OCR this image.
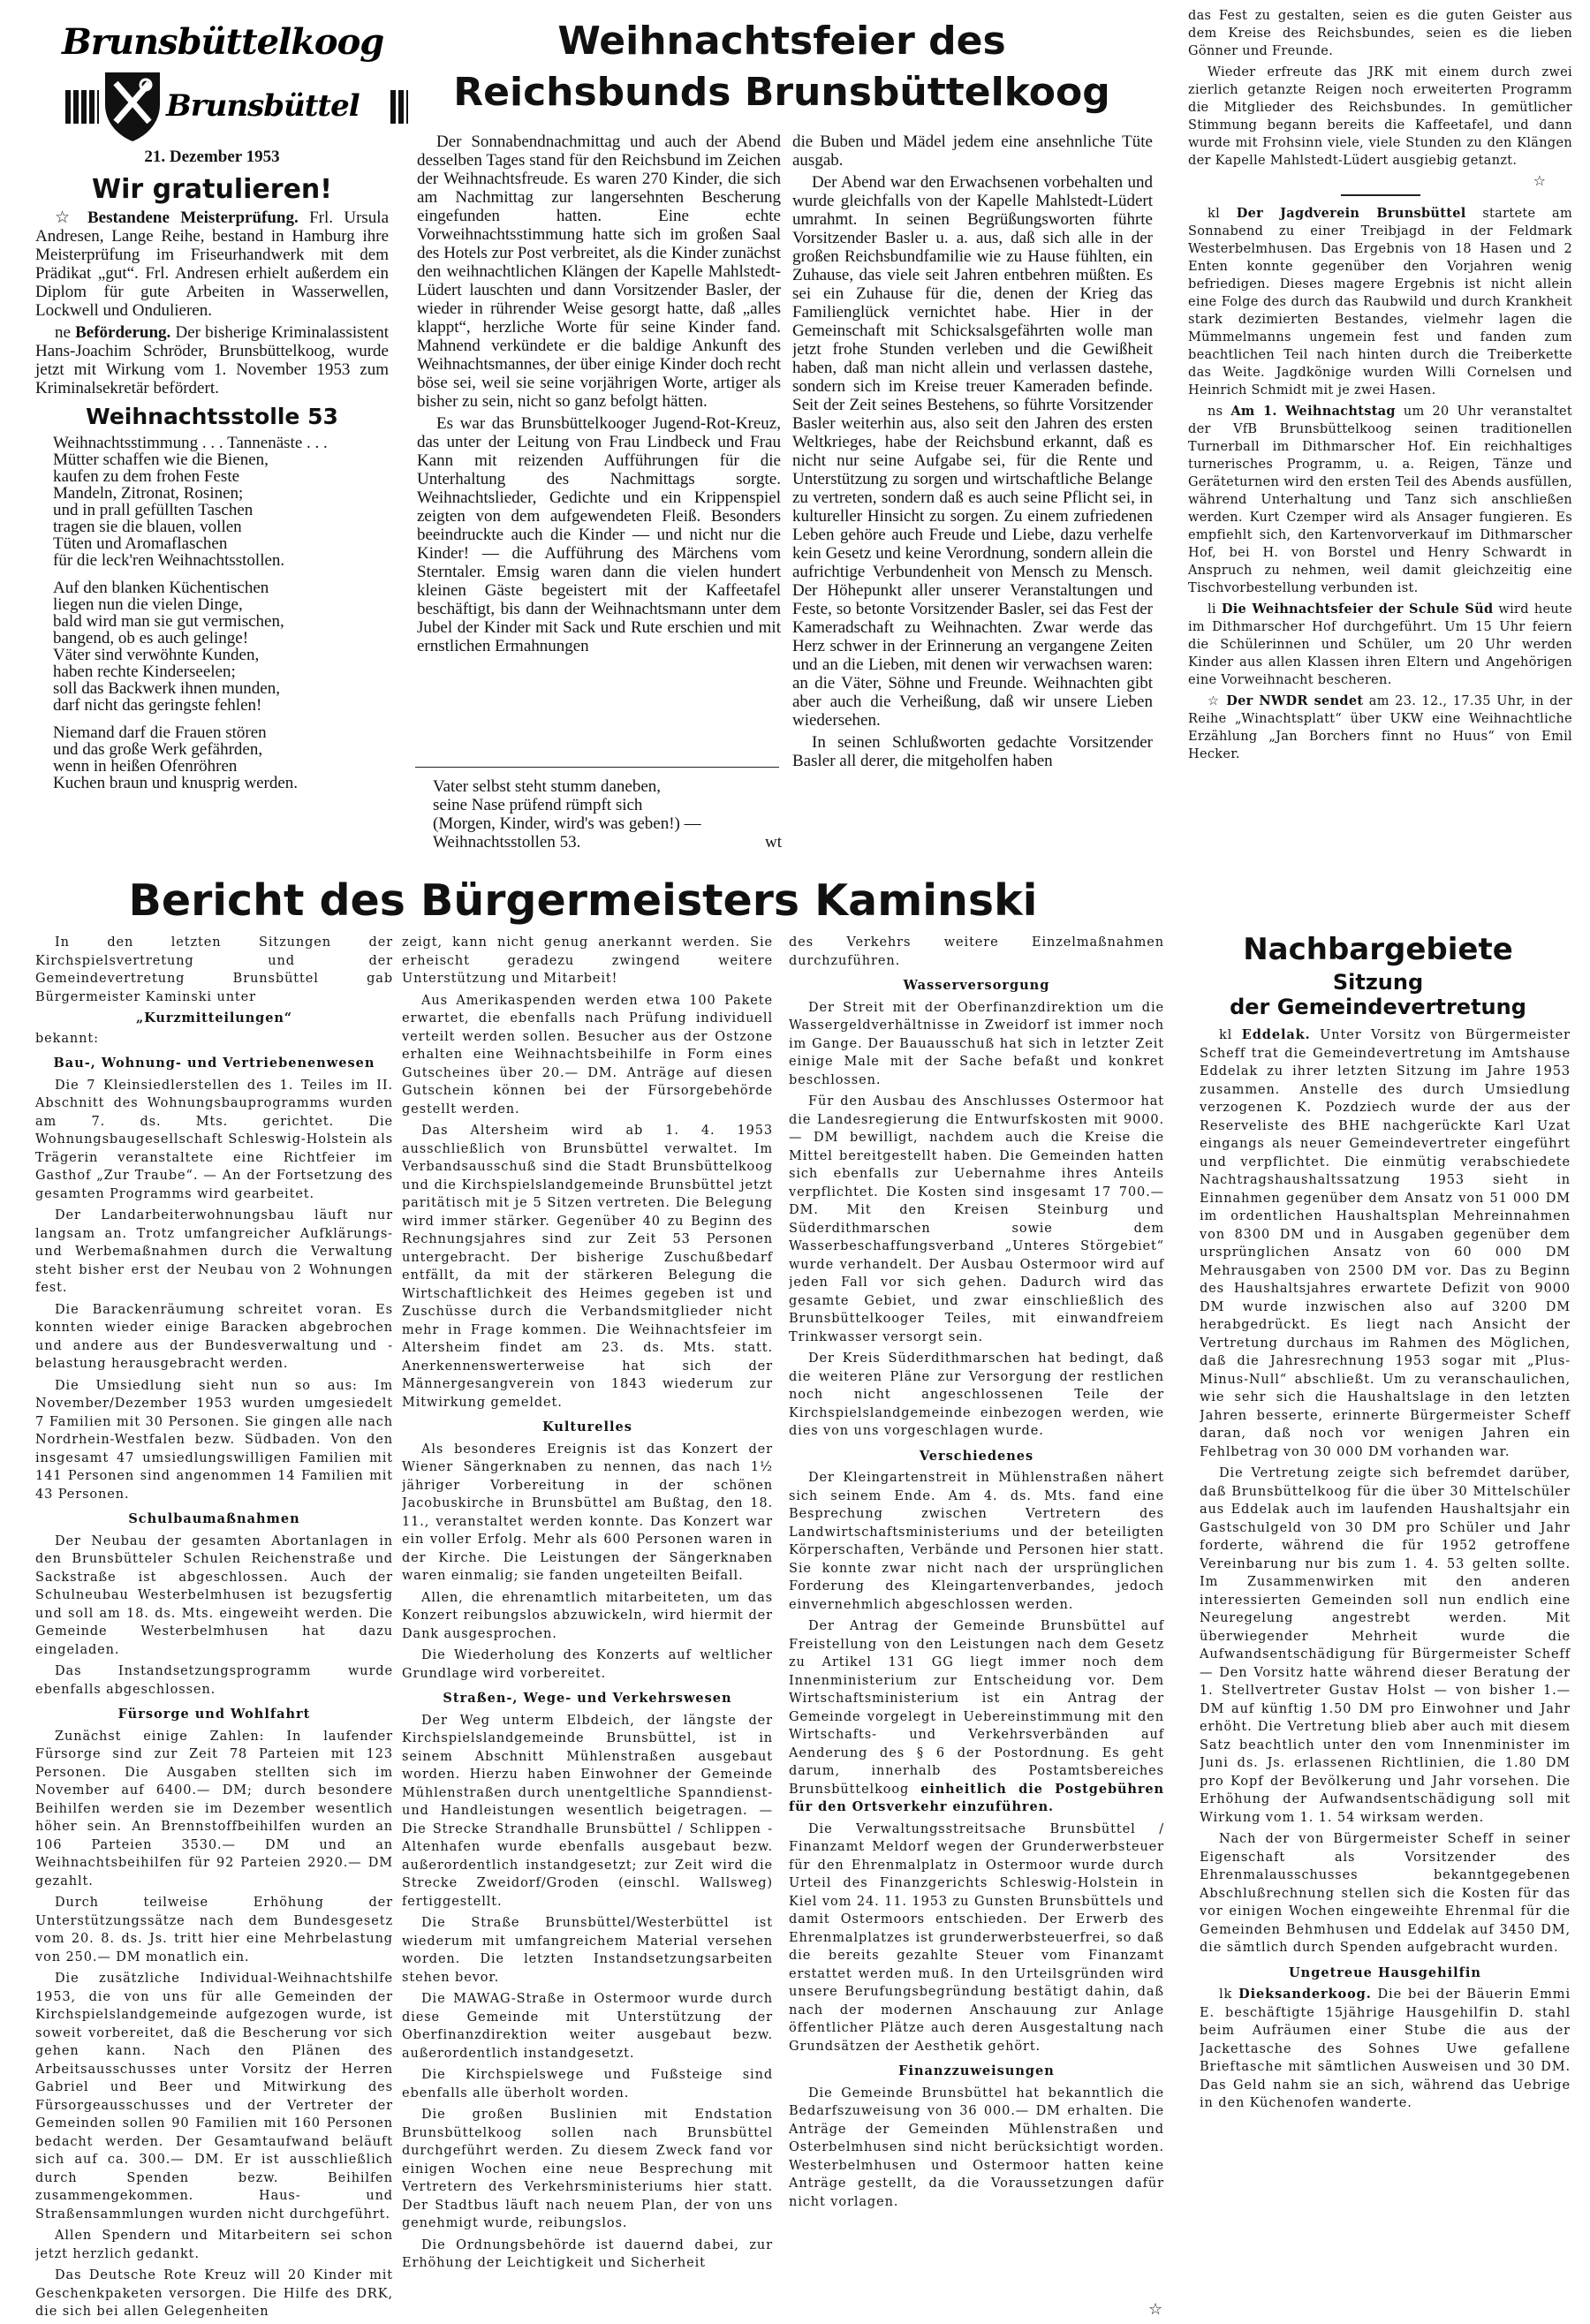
Brunsbüttelkoog
Brunsbüttel
21. Dezember 1953
Wir gratulieren!

☆ Bestandene Meisterprüfung. Frl. Ursula Andresen, Lange Reihe, bestand in Hamburg ihre Meisterprüfung im Friseurhandwerk mit dem Prädikat „gut“. Frl. Andresen erhielt außerdem ein Diplom für gute Arbeiten in Wasserwellen, Lockwell und Ondulieren.

ne Beförderung. Der bisherige Kriminalassistent Hans-Joachim Schröder, Brunsbüttelkoog, wurde jetzt mit Wirkung vom 1. November 1953 zum Kriminalsekretär befördert.

Weihnachtsstolle 53
Weihnachtsstimmung . . . Tannenäste . . .
Mütter schaffen wie die Bienen,
kaufen zu dem frohen Feste
Mandeln, Zitronat, Rosinen;
und in prall gefüllten Taschen
tragen sie die blauen, vollen
Tüten und Aromaflaschen
für die leck'ren Weihnachtsstollen.
Auf den blanken Küchentischen
liegen nun die vielen Dinge,
bald wird man sie gut vermischen,
bangend, ob es auch gelinge!
Väter sind verwöhnte Kunden,
haben rechte Kinderseelen;
soll das Backwerk ihnen munden,
darf nicht das geringste fehlen!
Niemand darf die Frauen stören
und das große Werk gefährden,
wenn in heißen Ofenröhren
Kuchen braun und knusprig werden.
Weihnachtsfeier des
Reichsbunds Brunsbüttelkoog

Der Sonnabendnachmittag und auch der Abend desselben Tages stand für den Reichsbund im Zeichen der Weihnachtsfreude. Es waren 270 Kinder, die sich am Nachmittag zur langersehnten Bescherung eingefunden hatten. Eine echte Vorweihnachtsstimmung hatte sich im großen Saal des Hotels zur Post verbreitet, als die Kinder zunächst den weihnachtlichen Klängen der Kapelle Mahlstedt-Lüdert lauschten und dann Vorsitzender Basler, der wieder in rührender Weise gesorgt hatte, daß „alles klappt“, herzliche Worte für seine Kinder fand. Mahnend verkündete er die baldige Ankunft des Weihnachtsmannes, der über einige Kinder doch recht böse sei, weil sie seine vorjährigen Worte, artiger als bisher zu sein, nicht so ganz befolgt hätten.

Es war das Brunsbüttelkooger Jugend-Rot-Kreuz, das unter der Leitung von Frau Lindbeck und Frau Kann mit reizenden Aufführungen für die Unterhaltung des Nachmittags sorgte. Weihnachtslieder, Gedichte und ein Krippenspiel zeigten von dem aufgewendeten Fleiß. Besonders beeindruckte auch die Kinder — und nicht nur die Kinder! — die Aufführung des Märchens vom Sterntaler. Emsig waren dann die vielen hundert kleinen Gäste begeistert mit der Kaffeetafel beschäftigt, bis dann der Weihnachtsmann unter dem Jubel der Kinder mit Sack und Rute erschien und mit ernstlichen Ermahnungen

Vater selbst steht stumm daneben,
seine Nase prüfend rümpft sich
(Morgen, Kinder, wird's was geben!) —
Weihnachtsstollen 53.	wt

die Buben und Mädel jedem eine ansehnliche Tüte ausgab.

Der Abend war den Erwachsenen vorbehalten und wurde gleichfalls von der Kapelle Mahlstedt-Lüdert umrahmt. In seinen Begrüßungsworten führte Vorsitzender Basler u. a. aus, daß sich alle in der großen Reichsbundfamilie wie zu Hause fühlten, ein Zuhause, das viele seit Jahren entbehren müßten. Es sei ein Zuhause für die, denen der Krieg das Familienglück vernichtet habe. Hier in der Gemeinschaft mit Schicksalsgefährten wolle man jetzt frohe Stunden verleben und die Gewißheit haben, daß man nicht allein und verlassen dastehe, sondern sich im Kreise treuer Kameraden befinde. Seit der Zeit seines Bestehens, so führte Vorsitzender Basler weiterhin aus, also seit den Jahren des ersten Weltkrieges, habe der Reichsbund erkannt, daß es nicht nur seine Aufgabe sei, für die Rente und Unterstützung zu sorgen und wirtschaftliche Belange zu vertreten, sondern daß es auch seine Pflicht sei, in kultureller Hinsicht zu sorgen. Zu einem zufriedenen Leben gehöre auch Freude und Liebe, dazu verhelfe kein Gesetz und keine Verordnung, sondern allein die aufrichtige Verbundenheit von Mensch zu Mensch. Der Höhepunkt aller unserer Veranstaltungen und Feste, so betonte Vorsitzender Basler, sei das Fest der Kameradschaft zu Weihnachten. Zwar werde das Herz schwer in der Erinnerung an vergangene Zeiten und an die Lieben, mit denen wir verwachsen waren: an die Väter, Söhne und Freunde. Weihnachten gibt aber auch die Verheißung, daß wir unsere Lieben wiedersehen.

In seinen Schlußworten gedachte Vorsitzender Basler all derer, die mitgeholfen haben

das Fest zu gestalten, seien es die guten Geister aus dem Kreise des Reichsbundes, seien es die lieben Gönner und Freunde.

Wieder erfreute das JRK mit einem durch zwei zierlich getanzte Reigen noch erweiterten Programm die Mitglieder des Reichsbundes. In gemütlicher Stimmung begann bereits die Kaffeetafel, und dann wurde mit Frohsinn viele, viele Stunden zu den Klängen der Kapelle Mahlstedt-Lüdert ausgiebig getanzt.

☆

kl Der Jagdverein Brunsbüttel startete am Sonnabend zu einer Treibjagd in der Feldmark Westerbelmhusen. Das Ergebnis von 18 Hasen und 2 Enten konnte gegenüber den Vorjahren wenig befriedigen. Dieses magere Ergebnis ist nicht allein eine Folge des durch das Raubwild und durch Krankheit stark dezimierten Bestandes, vielmehr lagen die Mümmelmanns ungemein fest und fanden zum beachtlichen Teil nach hinten durch die Treiberkette das Weite. Jagdkönige wurden Willi Cornelsen und Heinrich Schmidt mit je zwei Hasen.

ns Am 1. Weihnachtstag um 20 Uhr veranstaltet der VfB Brunsbüttelkoog seinen traditionellen Turnerball im Dithmarscher Hof. Ein reichhaltiges turnerisches Programm, u. a. Reigen, Tänze und Geräteturnen wird den ersten Teil des Abends ausfüllen, während Unterhaltung und Tanz sich anschließen werden. Kurt Czemper wird als Ansager fungieren. Es empfiehlt sich, den Kartenvorverkauf im Dithmarscher Hof, bei H. von Borstel und Henry Schwardt in Anspruch zu nehmen, weil damit gleichzeitig eine Tischvorbestellung verbunden ist.

li Die Weihnachtsfeier der Schule Süd wird heute im Dithmarscher Hof durchgeführt. Um 15 Uhr feiern die Schülerinnen und Schüler, um 20 Uhr werden Kinder aus allen Klassen ihren Eltern und Angehörigen eine Vorweihnacht bescheren.

☆ Der NWDR sendet am 23. 12., 17.35 Uhr, in der Reihe „Winachtsplatt“ über UKW eine Weihnachtliche Erzählung „Jan Borchers finnt no Huus“ von Emil Hecker.

Bericht des Bürgermeisters Kaminski

In den letzten Sitzungen der Kirchspielsvertretung und der Gemeindevertretung Brunsbüttel gab Bürgermeister Kaminski unter

„Kurzmitteilungen“

bekannt:

Bau-, Wohnung- und Vertriebenenwesen

Die 7 Kleinsiedlerstellen des 1. Teiles im II. Abschnitt des Wohnungsbauprogramms wurden am 7. ds. Mts. gerichtet. Die Wohnungsbaugesellschaft Schleswig-Holstein als Trägerin veranstaltete eine Richtfeier im Gasthof „Zur Traube“. — An der Fortsetzung des gesamten Programms wird gearbeitet.

Der Landarbeiterwohnungsbau läuft nur langsam an. Trotz umfangreicher Aufklärungs- und Werbemaßnahmen durch die Verwaltung steht bisher erst der Neubau von 2 Wohnungen fest.

Die Barackenräumung schreitet voran. Es konnten wieder einige Baracken abgebrochen und andere aus der Bundesverwaltung und -belastung herausgebracht werden.

Die Umsiedlung sieht nun so aus: Im November/Dezember 1953 wurden umgesiedelt 7 Familien mit 30 Personen. Sie gingen alle nach Nordrhein-Westfalen bezw. Südbaden. Von den insgesamt 47 umsiedlungswilligen Familien mit 141 Personen sind angenommen 14 Familien mit 43 Personen.

Schulbaumaßnahmen

Der Neubau der gesamten Abortanlagen in den Brunsbütteler Schulen Reichenstraße und Sackstraße ist abgeschlossen. Auch der Schulneubau Westerbelmhusen ist bezugsfertig und soll am 18. ds. Mts. eingeweiht werden. Die Gemeinde Westerbelmhusen hat dazu eingeladen.

Das Instandsetzungsprogramm wurde ebenfalls abgeschlossen.

Fürsorge und Wohlfahrt

Zunächst einige Zahlen: In laufender Fürsorge sind zur Zeit 78 Parteien mit 123 Personen. Die Ausgaben stellten sich im November auf 6400.— DM; durch besondere Beihilfen werden sie im Dezember wesentlich höher sein. An Brennstoffbeihilfen wurden an 106 Parteien 3530.— DM und an Weihnachtsbeihilfen für 92 Parteien 2920.— DM gezahlt.

Durch teilweise Erhöhung der Unterstützungssätze nach dem Bundesgesetz vom 20. 8. ds. Js. tritt hier eine Mehrbelastung von 250.— DM monatlich ein.

Die zusätzliche Individual-Weihnachtshilfe 1953, die von uns für alle Gemeinden der Kirchspielslandgemeinde aufgezogen wurde, ist soweit vorbereitet, daß die Bescherung vor sich gehen kann. Nach den Plänen des Arbeitsausschusses unter Vorsitz der Herren Gabriel und Beer und Mitwirkung des Fürsorgeausschusses und der Vertreter der Gemeinden sollen 90 Familien mit 160 Personen bedacht werden. Der Gesamtaufwand beläuft sich auf ca. 300.— DM. Er ist ausschließlich durch Spenden bezw. Beihilfen zusammengekommen. Haus- und Straßensammlungen wurden nicht durchgeführt.

Allen Spendern und Mitarbeitern sei schon jetzt herzlich gedankt.

Das Deutsche Rote Kreuz will 20 Kinder mit Geschenkpaketen versorgen. Die Hilfe des DRK, die sich bei allen Gelegenheiten

zeigt, kann nicht genug anerkannt werden. Sie erheischt geradezu zwingend weitere Unterstützung und Mitarbeit!

Aus Amerikaspenden werden etwa 100 Pakete erwartet, die ebenfalls nach Prüfung individuell verteilt werden sollen. Besucher aus der Ostzone erhalten eine Weihnachtsbeihilfe in Form eines Gutscheines über 20.— DM. Anträge auf diesen Gutschein können bei der Fürsorgebehörde gestellt werden.

Das Altersheim wird ab 1. 4. 1953 ausschließlich von Brunsbüttel verwaltet. Im Verbandsausschuß sind die Stadt Brunsbüttelkoog und die Kirchspielslandgemeinde Brunsbüttel jetzt paritätisch mit je 5 Sitzen vertreten. Die Belegung wird immer stärker. Gegenüber 40 zu Beginn des Rechnungsjahres sind zur Zeit 53 Personen untergebracht. Der bisherige Zuschußbedarf entfällt, da mit der stärkeren Belegung die Wirtschaftlichkeit des Heimes gegeben ist und Zuschüsse durch die Verbandsmitglieder nicht mehr in Frage kommen. Die Weihnachtsfeier im Altersheim findet am 23. ds. Mts. statt. Anerkennenswerterweise hat sich der Männergesangverein von 1843 wiederum zur Mitwirkung gemeldet.

Kulturelles

Als besonderes Ereignis ist das Konzert der Wiener Sängerknaben zu nennen, das nach 1½ jähriger Vorbereitung in der schönen Jacobuskirche in Brunsbüttel am Bußtag, den 18. 11., veranstaltet werden konnte. Das Konzert war ein voller Erfolg. Mehr als 600 Personen waren in der Kirche. Die Leistungen der Sängerknaben waren einmalig; sie fanden ungeteilten Beifall.

Allen, die ehrenamtlich mitarbeiteten, um das Konzert reibungslos abzuwickeln, wird hiermit der Dank ausgesprochen.

Die Wiederholung des Konzerts auf weltlicher Grundlage wird vorbereitet.

Straßen-, Wege- und Verkehrswesen

Der Weg unterm Elbdeich, der längste der Kirchspielslandgemeinde Brunsbüttel, ist in seinem Abschnitt Mühlenstraßen ausgebaut worden. Hierzu haben Einwohner der Gemeinde Mühlenstraßen durch unentgeltliche Spanndienst- und Handleistungen wesentlich beigetragen. — Die Strecke Strandhalle Brunsbüttel / Schlippen - Altenhafen wurde ebenfalls ausgebaut bezw. außerordentlich instandgesetzt; zur Zeit wird die Strecke Zweidorf/Groden (einschl. Wallsweg) fertiggestellt.

Die Straße Brunsbüttel/Westerbüttel ist wiederum mit umfangreichem Material versehen worden. Die letzten Instandsetzungsarbeiten stehen bevor.

Die MAWAG-Straße in Ostermoor wurde durch diese Gemeinde mit Unterstützung der Oberfinanzdirektion weiter ausgebaut bezw. außerordentlich instandgesetzt.

Die Kirchspielswege und Fußsteige sind ebenfalls alle überholt worden.

Die großen Buslinien mit Endstation Brunsbüttelkoog sollen nach Brunsbüttel durchgeführt werden. Zu diesem Zweck fand vor einigen Wochen eine neue Besprechung mit Vertretern des Verkehrsministeriums hier statt. Der Stadtbus läuft nach neuem Plan, der von uns genehmigt wurde, reibungslos.

Die Ordnungsbehörde ist dauernd dabei, zur Erhöhung der Leichtigkeit und Sicherheit

des Verkehrs weitere Einzelmaßnahmen durchzuführen.

Wasserversorgung

Der Streit mit der Oberfinanzdirektion um die Wassergeldverhältnisse in Zweidorf ist immer noch im Gange. Der Bauausschuß hat sich in letzter Zeit einige Male mit der Sache befaßt und konkret beschlossen.

Für den Ausbau des Anschlusses Ostermoor hat die Landesregierung die Entwurfskosten mit 9000.— DM bewilligt, nachdem auch die Kreise die Mittel bereitgestellt haben. Die Gemeinden hatten sich ebenfalls zur Uebernahme ihres Anteils verpflichtet. Die Kosten sind insgesamt 17 700.— DM. Mit den Kreisen Steinburg und Süderdithmarschen sowie dem Wasserbeschaffungsverband „Unteres Störgebiet“ wurde verhandelt. Der Ausbau Ostermoor wird auf jeden Fall vor sich gehen. Dadurch wird das gesamte Gebiet, und zwar einschließlich des Brunsbüttelkooger Teiles, mit einwandfreiem Trinkwasser versorgt sein.

Der Kreis Süderdithmarschen hat bedingt, daß die weiteren Pläne zur Versorgung der restlichen noch nicht angeschlossenen Teile der Kirchspielslandgemeinde einbezogen werden, wie dies von uns vorgeschlagen wurde.

Verschiedenes

Der Kleingartenstreit in Mühlenstraßen nähert sich seinem Ende. Am 4. ds. Mts. fand eine Besprechung zwischen Vertretern des Landwirtschaftsministeriums und der beteiligten Körperschaften, Verbände und Personen hier statt. Sie konnte zwar nicht nach der ursprünglichen Forderung des Kleingartenverbandes, jedoch einvernehmlich abgeschlossen werden.

Der Antrag der Gemeinde Brunsbüttel auf Freistellung von den Leistungen nach dem Gesetz zu Artikel 131 GG liegt immer noch dem Innenministerium zur Entscheidung vor. Dem Wirtschaftsministerium ist ein Antrag der Gemeinde vorgelegt in Uebereinstimmung mit den Wirtschafts- und Verkehrsverbänden auf Aenderung des § 6 der Postordnung. Es geht darum, innerhalb des Postamtsbereiches Brunsbüttelkoog einheitlich die Postgebühren für den Ortsverkehr einzuführen.

Die Verwaltungsstreitsache Brunsbüttel / Finanzamt Meldorf wegen der Grunderwerbsteuer für den Ehrenmalplatz in Ostermoor wurde durch Urteil des Finanzgerichts Schleswig-Holstein in Kiel vom 24. 11. 1953 zu Gunsten Brunsbüttels und damit Ostermoors entschieden. Der Erwerb des Ehrenmalplatzes ist grunderwerbsteuerfrei, so daß die bereits gezahlte Steuer vom Finanzamt erstattet werden muß. In den Urteilsgründen wird unsere Berufungsbegründung bestätigt dahin, daß nach der modernen Anschauung zur Anlage öffentlicher Plätze auch deren Ausgestaltung nach Grundsätzen der Aesthetik gehört.

Finanzzuweisungen

Die Gemeinde Brunsbüttel hat bekanntlich die Bedarfszuweisung von 36 000.— DM erhalten. Die Anträge der Gemeinden Mühlenstraßen und Osterbelmhusen sind nicht berücksichtigt worden. Westerbelmhusen und Ostermoor hatten keine Anträge gestellt, da die Voraussetzungen dafür nicht vorlagen.

☆
Nachbargebiete
Sitzung
der Gemeindevertretung

kl Eddelak. Unter Vorsitz von Bürgermeister Scheff trat die Gemeindevertretung im Amtshause Eddelak zu ihrer letzten Sitzung im Jahre 1953 zusammen. Anstelle des durch Umsiedlung verzogenen K. Pozdziech wurde der aus der Reserveliste des BHE nachgerückte Karl Uzat eingangs als neuer Gemeindevertreter eingeführt und verpflichtet. Die einmütig verabschiedete Nachtragshaushaltssatzung 1953 sieht in Einnahmen gegenüber dem Ansatz von 51 000 DM im ordentlichen Haushaltsplan Mehreinnahmen von 8300 DM und in Ausgaben gegenüber dem ursprünglichen Ansatz von 60 000 DM Mehrausgaben von 2500 DM vor. Das zu Beginn des Haushaltsjahres erwartete Defizit von 9000 DM wurde inzwischen also auf 3200 DM herabgedrückt. Es liegt nach Ansicht der Vertretung durchaus im Rahmen des Möglichen, daß die Jahresrechnung 1953 sogar mit „Plus-Minus-Null“ abschließt. Um zu veranschaulichen, wie sehr sich die Haushaltslage in den letzten Jahren besserte, erinnerte Bürgermeister Scheff daran, daß noch vor wenigen Jahren ein Fehlbetrag von 30 000 DM vorhanden war.

Die Vertretung zeigte sich befremdet darüber, daß Brunsbüttelkoog für die über 30 Mittelschüler aus Eddelak auch im laufenden Haushaltsjahr ein Gastschulgeld von 30 DM pro Schüler und Jahr forderte, während die für 1952 getroffene Vereinbarung nur bis zum 1. 4. 53 gelten sollte. Im Zusammenwirken mit den anderen interessierten Gemeinden soll nun endlich eine Neuregelung angestrebt werden. Mit überwiegender Mehrheit wurde die Aufwandsentschädigung für Bürgermeister Scheff — Den Vorsitz hatte während dieser Beratung der 1. Stellvertreter Gustav Holst — von bisher 1.— DM auf künftig 1.50 DM pro Einwohner und Jahr erhöht. Die Vertretung blieb aber auch mit diesem Satz beachtlich unter den vom Innenminister im Juni ds. Js. erlassenen Richtlinien, die 1.80 DM pro Kopf der Bevölkerung und Jahr vorsehen. Die Erhöhung der Aufwandsentschädigung soll mit Wirkung vom 1. 1. 54 wirksam werden.

Nach der von Bürgermeister Scheff in seiner Eigenschaft als Vorsitzender des Ehrenmalausschusses bekanntgegebenen Abschlußrechnung stellen sich die Kosten für das vor einigen Wochen eingeweihte Ehrenmal für die Gemeinden Behmhusen und Eddelak auf 3450 DM, die sämtlich durch Spenden aufgebracht wurden.

Ungetreue Hausgehilfin

lk Dieksanderkoog. Die bei der Bäuerin Emmi E. beschäftigte 15jährige Hausgehilfin D. stahl beim Aufräumen einer Stube die aus der Jackettasche des Sohnes Uwe gefallene Brieftasche mit sämtlichen Ausweisen und 30 DM. Das Geld nahm sie an sich, während das Uebrige in den Küchenofen wanderte.
